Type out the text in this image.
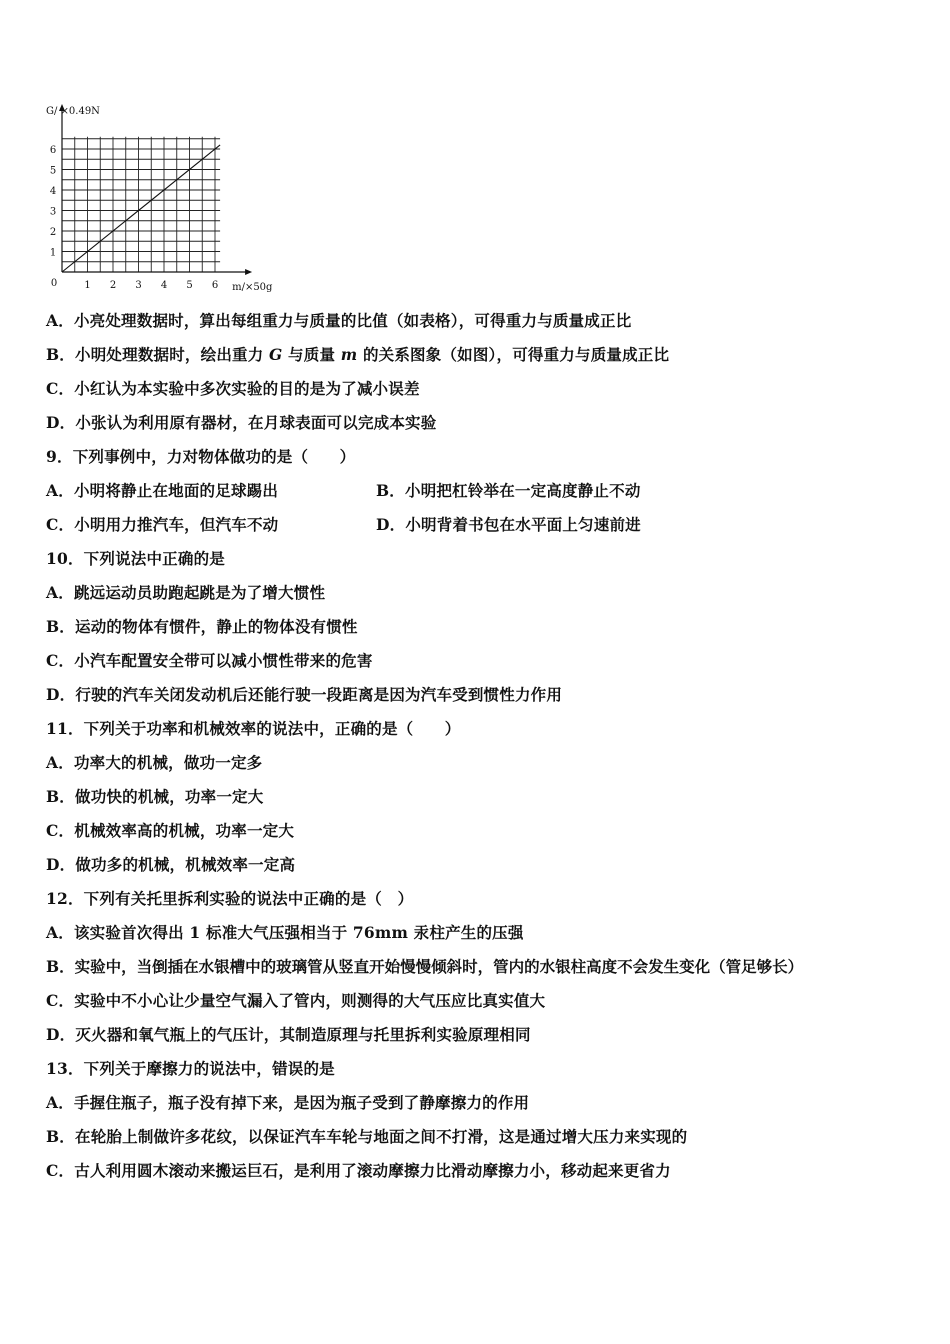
1 2 3 4 5 6
1
2
3
4
5
6
0
G/ ×0.49N
m/×50g
A．小亮处理数据时，算出每组重力与质量的比值（如表格），可得重力与质量成正比
B．小明处理数据时，绘出重力 G 与质量 m 的关系图象（如图），可得重力与质量成正比
C．小红认为本实验中多次实验的目的是为了减小误差
D．小张认为利用原有器材，在月球表面可以完成本实验
9．下列事例中，力对物体做功的是（　　）
A．小明将静止在地面的足球踢出	B．小明把杠铃举在一定高度静止不动
C．小明用力推汽车，但汽车不动	D．小明背着书包在水平面上匀速前进
10．下列说法中正确的是
A．跳远运动员助跑起跳是为了增大惯性
B．运动的物体有惯件，静止的物体没有惯性
C．小汽车配置安全带可以减小惯性带来的危害
D．行驶的汽车关闭发动机后还能行驶一段距离是因为汽车受到惯性力作用
11．下列关于功率和机械效率的说法中，正确的是（　　）
A．功率大的机械，做功一定多
B．做功快的机械，功率一定大
C．机械效率高的机械，功率一定大
D．做功多的机械，机械效率一定高
12．下列有关托里拆利实验的说法中正确的是（　）
A．该实验首次得出 1 标准大气压强相当于 76mm 汞柱产生的压强
B．实验中，当倒插在水银槽中的玻璃管从竖直开始慢慢倾斜时，管内的水银柱高度不会发生变化（管足够长）
C．实验中不小心让少量空气漏入了管内，则测得的大气压应比真实值大
D．灭火器和氧气瓶上的气压计，其制造原理与托里拆利实验原理相同
13．下列关于摩擦力的说法中，错误的是
A．手握住瓶子，瓶子没有掉下来，是因为瓶子受到了静摩擦力的作用
B．在轮胎上制做许多花纹，以保证汽车车轮与地面之间不打滑，这是通过增大压力来实现的
C．古人利用圆木滚动来搬运巨石，是利用了滚动摩擦力比滑动摩擦力小，移动起来更省力
